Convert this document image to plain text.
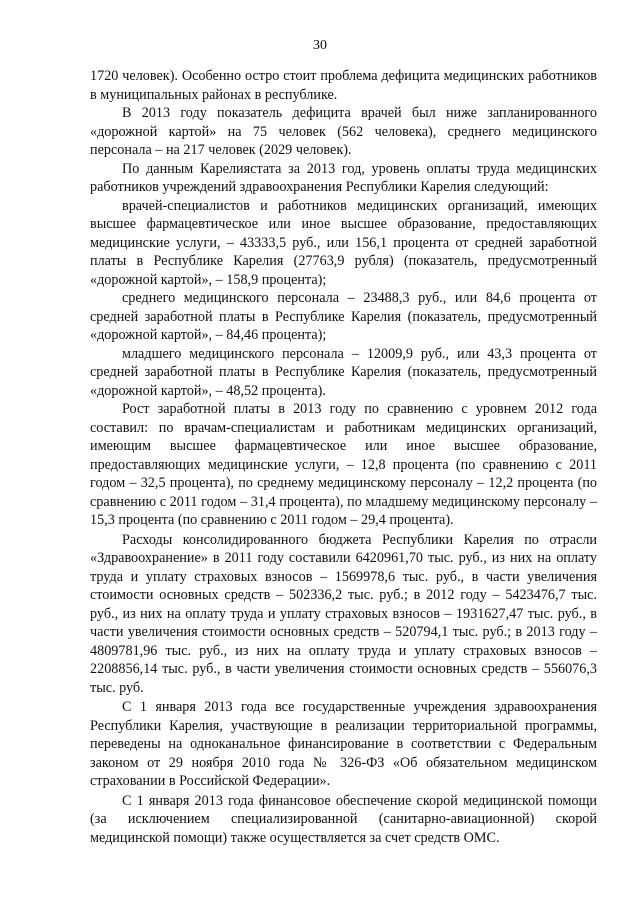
30

1720 человек). Особенно остро стоит проблема дефицита медицинских работников в муниципальных районах в республике.

В 2013 году показатель дефицита врачей был ниже запланированного «дорожной картой» на 75 человек (562 человека), среднего медицинского персонала – на 217 человек (2029 человек).

По данным Карелиястата за 2013 год, уровень оплаты труда медицинских работников учреждений здравоохранения Республики Карелия следующий:

врачей-специалистов и работников медицинских организаций, имеющих высшее фармацевтическое или иное высшее образование, предоставляющих медицинские услуги, – 43333,5 руб., или 156,1 процента от средней заработной платы в Республике Карелия (27763,9 рубля) (показатель, предусмотренный «дорожной картой», – 158,9 процента);

среднего медицинского персонала – 23488,3 руб., или 84,6 процента от средней заработной платы в Республике Карелия (показатель, предусмотренный «дорожной картой», – 84,46 процента);

младшего медицинского персонала – 12009,9 руб., или 43,3 процента от средней заработной платы в Республике Карелия (показатель, предусмотренный «дорожной картой», – 48,52 процента).

Рост заработной платы в 2013 году по сравнению с уровнем 2012 года составил: по врачам-специалистам и работникам медицинских организаций, имеющим высшее фармацевтическое или иное высшее образование, предоставляющих медицинские услуги, – 12,8 процента (по сравнению с 2011 годом – 32,5 процента), по среднему медицинскому персоналу – 12,2 процента (по сравнению с 2011 годом – 31,4 процента), по младшему медицинскому персоналу – 15,3 процента (по сравнению с 2011 годом – 29,4 процента).

Расходы консолидированного бюджета Республики Карелия по отрасли «Здравоохранение» в 2011 году составили 6420961,70 тыс. руб., из них на оплату труда и уплату страховых взносов – 1569978,6 тыс. руб., в части увеличения стоимости основных средств – 502336,2 тыс. руб.; в 2012 году – 5423476,7 тыс. руб., из них на оплату труда и уплату страховых взносов – 1931627,47 тыс. руб., в части увеличения стоимости основных средств – 520794,1 тыс. руб.; в 2013 году – 4809781,96 тыс. руб., из них на оплату труда и уплату страховых взносов – 2208856,14 тыс. руб., в части увеличения стоимости основных средств – 556076,3 тыс. руб.

С 1 января 2013 года все государственные учреждения здравоохранения Республики Карелия, участвующие в реализации территориальной программы, переведены на одноканальное финансирование в соответствии с Федеральным законом от 29 ноября 2010 года № 326-ФЗ «Об обязательном медицинском страховании в Российской Федерации».

С 1 января 2013 года финансовое обеспечение скорой медицинской помощи (за исключением специализированной (санитарно-авиационной) скорой медицинской помощи) также осуществляется за счет средств ОМС.
